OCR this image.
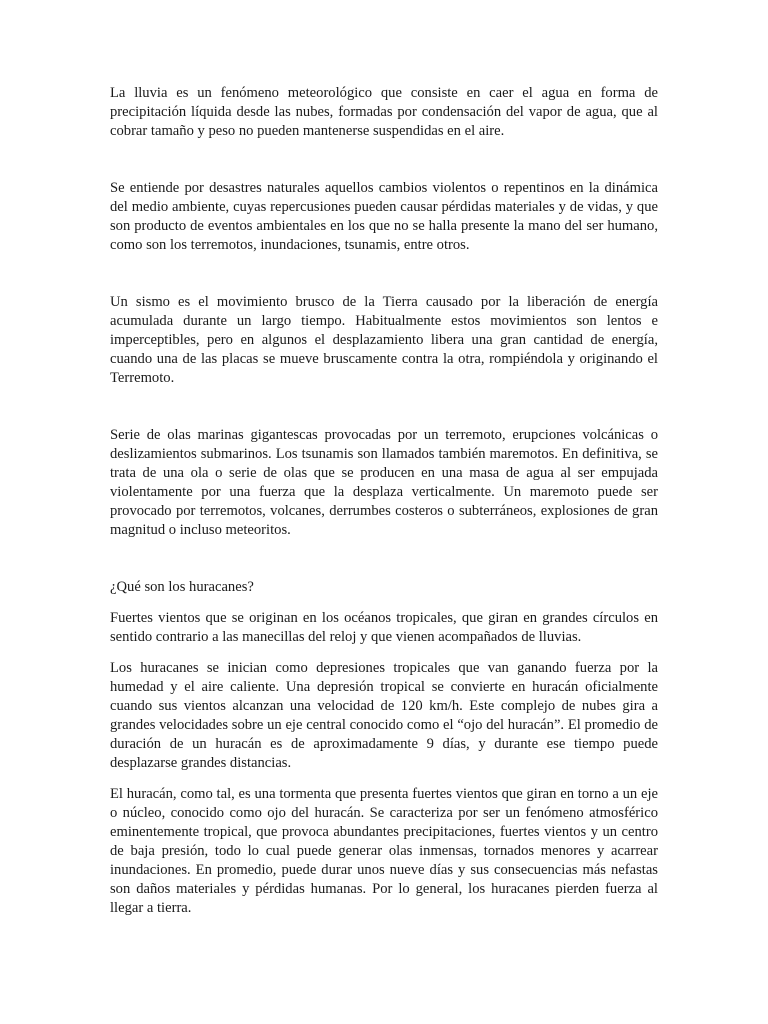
La lluvia es un fenómeno meteorológico que consiste en caer el agua en forma de precipitación líquida desde las nubes, formadas por condensación del vapor de agua, que al cobrar tamaño y peso no pueden mantenerse suspendidas en el aire.

Se entiende por desastres naturales aquellos cambios violentos o repentinos en la dinámica del medio ambiente, cuyas repercusiones pueden causar pérdidas materiales y de vidas, y que son producto de eventos ambientales en los que no se halla presente la mano del ser humano, como son los terremotos, inundaciones, tsunamis, entre otros.

Un sismo es el movimiento brusco de la Tierra causado por la liberación de energía acumulada durante un largo tiempo. Habitualmente estos movimientos son lentos e imperceptibles, pero en algunos el desplazamiento libera una gran cantidad de energía, cuando una de las placas se mueve bruscamente contra la otra, rompiéndola y originando el Terremoto.

Serie de olas marinas gigantescas provocadas por un terremoto, erupciones volcánicas o deslizamientos submarinos. Los tsunamis son llamados también maremotos. En definitiva, se trata de una ola o serie de olas que se producen en una masa de agua al ser empujada violentamente por una fuerza que la desplaza verticalmente. Un maremoto puede ser provocado por terremotos, volcanes, derrumbes costeros o subterráneos, explosiones de gran magnitud o incluso meteoritos.

¿Qué son los huracanes?

Fuertes vientos que se originan en los océanos tropicales, que giran en grandes círculos en sentido contrario a las manecillas del reloj y que vienen acompañados de lluvias.

Los huracanes se inician como depresiones tropicales que van ganando fuerza por la humedad y el aire caliente. Una depresión tropical se convierte en huracán oficialmente cuando sus vientos alcanzan una velocidad de 120 km/h. Este complejo de nubes gira a grandes velocidades sobre un eje central conocido como el “ojo del huracán”. El promedio de duración de un huracán es de aproximadamente 9 días, y durante ese tiempo puede desplazarse grandes distancias.

El huracán, como tal, es una tormenta que presenta fuertes vientos que giran en torno a un eje o núcleo, conocido como ojo del huracán. Se caracteriza por ser un fenómeno atmosférico eminentemente tropical, que provoca abundantes precipitaciones, fuertes vientos y un centro de baja presión, todo lo cual puede generar olas inmensas, tornados menores y acarrear inundaciones. En promedio, puede durar unos nueve días y sus consecuencias más nefastas son daños materiales y pérdidas humanas. Por lo general, los huracanes pierden fuerza al llegar a tierra.
